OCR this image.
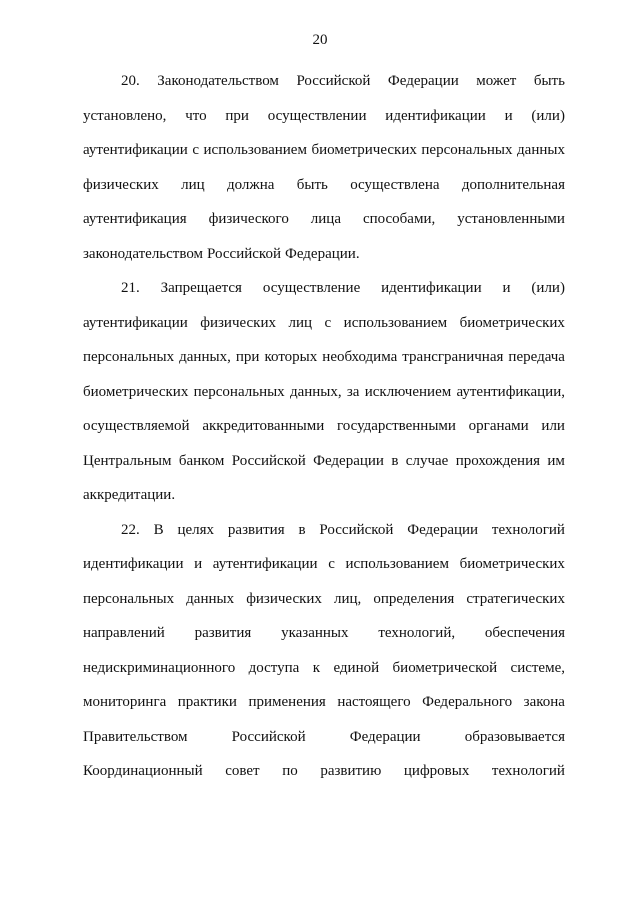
20
20. Законодательством Российской Федерации может быть
установлено, что при осуществлении идентификации и (или)
аутентификации с использованием биометрических персональных данных
физических лиц должна быть осуществлена дополнительная
аутентификация физического лица способами, установленными
законодательством Российской Федерации.
21. Запрещается осуществление идентификации и (или)
аутентификации физических лиц с использованием биометрических
персональных данных, при которых необходима трансграничная передача
биометрических персональных данных, за исключением аутентификации,
осуществляемой аккредитованными государственными органами или
Центральным банком Российской Федерации в случае прохождения им
аккредитации.
22. В целях развития в Российской Федерации технологий
идентификации и аутентификации с использованием биометрических
персональных данных физических лиц, определения стратегических
направлений развития указанных технологий, обеспечения
недискриминационного доступа к единой биометрической системе,
мониторинга практики применения настоящего Федерального закона
Правительством	Российской	Федерации	образовывается
Координационный совет по развитию цифровых технологий
